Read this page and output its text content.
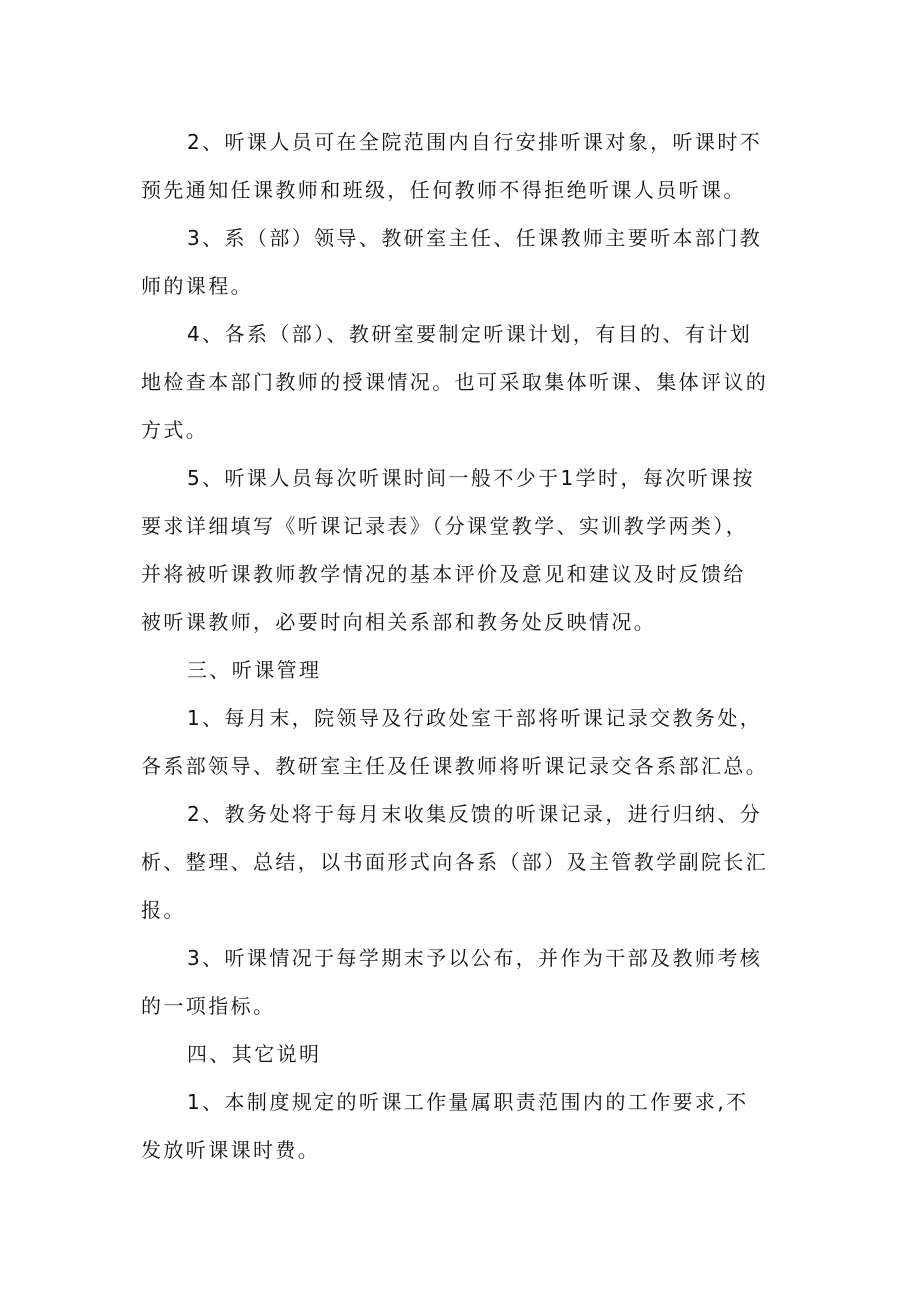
2、听课人员可在全院范围内自行安排听课对象，听课时不
预先通知任课教师和班级，任何教师不得拒绝听课人员听课。
3、系（部）领导、教研室主任、任课教师主要听本部门教
师的课程。
4、各系（部）、教研室要制定听课计划，有目的、有计划
地检查本部门教师的授课情况。也可采取集体听课、集体评议的
方式。
5、听课人员每次听课时间一般不少于1学时，每次听课按
要求详细填写《听课记录表》（分课堂教学、实训教学两类），
并将被听课教师教学情况的基本评价及意见和建议及时反馈给
被听课教师，必要时向相关系部和教务处反映情况。
三、听课管理
1、每月末，院领导及行政处室干部将听课记录交教务处，
各系部领导、教研室主任及任课教师将听课记录交各系部汇总。
2、教务处将于每月末收集反馈的听课记录，进行归纳、分
析、整理、总结，以书面形式向各系（部）及主管教学副院长汇
报。
3、听课情况于每学期末予以公布，并作为干部及教师考核
的一项指标。
四、其它说明
1、本制度规定的听课工作量属职责范围内的工作要求,不
发放听课课时费。
